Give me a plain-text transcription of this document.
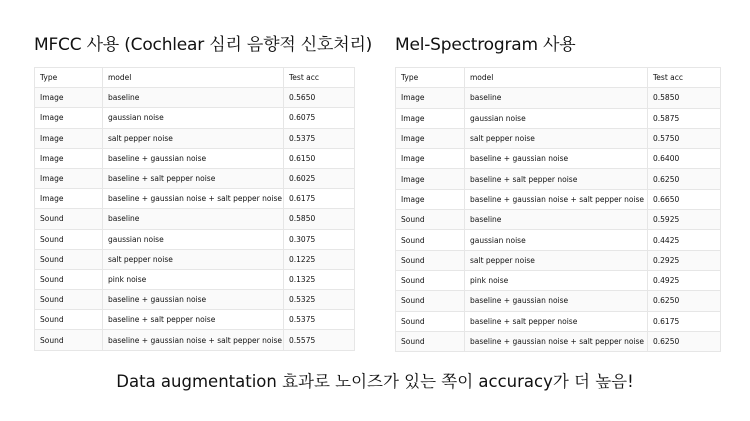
MFCC 사용 (Cochlear 심리 음향적 신호처리)
Type	model	Test acc
Image	baseline	0.5650
Image	gaussian noise	0.6075
Image	salt pepper noise	0.5375
Image	baseline + gaussian noise	0.6150
Image	baseline + salt pepper noise	0.6025
Image	baseline + gaussian noise + salt pepper noise	0.6175
Sound	baseline	0.5850
Sound	gaussian noise	0.3075
Sound	salt pepper noise	0.1225
Sound	pink noise	0.1325
Sound	baseline + gaussian noise	0.5325
Sound	baseline + salt pepper noise	0.5375
Sound	baseline + gaussian noise + salt pepper noise	0.5575
Mel-Spectrogram 사용
Type	model	Test acc
Image	baseline	0.5850
Image	gaussian noise	0.5875
Image	salt pepper noise	0.5750
Image	baseline + gaussian noise	0.6400
Image	baseline + salt pepper noise	0.6250
Image	baseline + gaussian noise + salt pepper noise	0.6650
Sound	baseline	0.5925
Sound	gaussian noise	0.4425
Sound	salt pepper noise	0.2925
Sound	pink noise	0.4925
Sound	baseline + gaussian noise	0.6250
Sound	baseline + salt pepper noise	0.6175
Sound	baseline + gaussian noise + salt pepper noise	0.6250
Data augmentation 효과로 노이즈가 있는 쪽이 accuracy가 더 높음!
